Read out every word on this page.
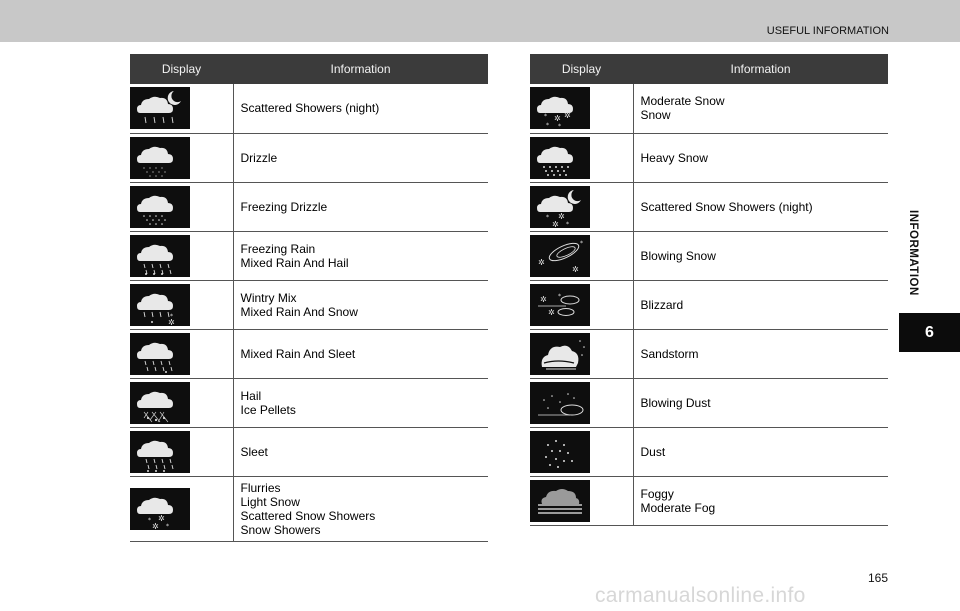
USEFUL INFORMATION
INFORMATION
6
Display	Information

Scattered Showers (night)

Drizzle

Freezing Drizzle

Freezing Rain
Mixed Rain And Hail

*
✲	Wintry Mix
Mixed Rain And Snow

Mixed Rain And Sleet

Hail
Ice Pellets

Sleet

* ✲
✲ *	Flurries
Light Snow
Scattered Snow Showers
Snow Showers
Display	Information

* ✲ ✲
* *	Moderate Snow
Snow

Heavy Snow

* ✲
✲ *	Scattered Snow Showers (night)

✲
*
✲	Blowing Snow

✲ *
✲	Blizzard

Sandstorm

Blowing Dust

Dust

Foggy
Moderate Fog
165
carmanualsonline.info
